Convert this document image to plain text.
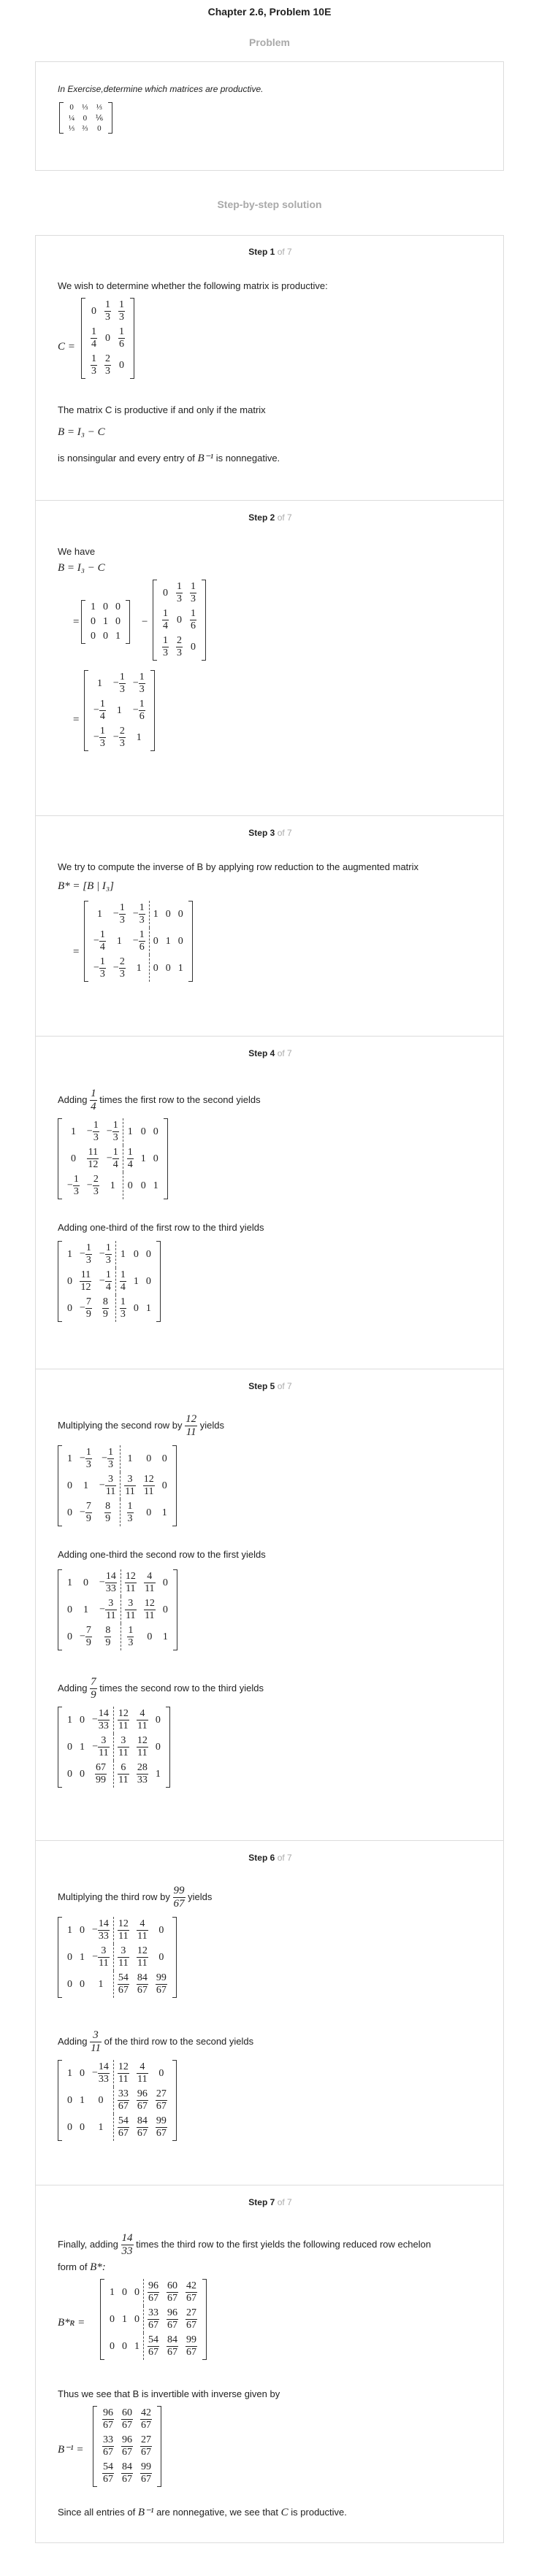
Chapter 2.6, Problem 10E
Problem
In Exercise,determine which matrices are productive.
0	⅓	⅓
¼	0	⅙
⅓	⅔	0
Step-by-step solution
Step 1 of 7
We wish to determine whether the following matrix is productive:
C =
0	$\frac{1}{3}$	$\frac{1}{3}$

$\frac{1}{4}$	0	$\frac{1}{6}$

$\frac{1}{3}$	$\frac{2}{3}$	0
The matrix C is productive if and only if the matrix
B = I₃ − C
is nonsingular and every entry of B⁻¹ is nonnegative.
Step 2 of 7
We have
B = I₃ − C
=
1	0	0
0	1	0
0	0	1
−
0	$\frac{1}{3}$	$\frac{1}{3}$

$\frac{1}{4}$	0	$\frac{1}{6}$

$\frac{1}{3}$	$\frac{2}{3}$	0
=
1	− $\frac{1}{3}$	− $\frac{1}{3}$

− $\frac{1}{4}$	1	− $\frac{1}{6}$

− $\frac{1}{3}$	− $\frac{2}{3}$	1
Step 3 of 7
We try to compute the inverse of B by applying row reduction to the augmented matrix
B* = [B | I₃]
=
1	− $\frac{1}{3}$	− $\frac{1}{3}$	1	0	0
− $\frac{1}{4}$	1	− $\frac{1}{6}$	0	1	0
− $\frac{1}{3}$	− $\frac{2}{3}$	1	0	0	1
Step 4 of 7
Adding $\frac{1}{4}$ times the first row to the second yields
1	− $\frac{1}{3}$	− $\frac{1}{3}$	1	0	0
0	$\frac{11}{12}$	− $\frac{1}{4}$	$\frac{1}{4}$	1	0
− $\frac{1}{3}$	− $\frac{2}{3}$	1	0	0	1
Adding one-third of the first row to the third yields
1	− $\frac{1}{3}$	− $\frac{1}{3}$	1	0	0
0	$\frac{11}{12}$	− $\frac{1}{4}$	$\frac{1}{4}$	1	0
0	− $\frac{7}{9}$	$\frac{8}{9}$	$\frac{1}{3}$	0	1
Step 5 of 7
Multiplying the second row by $\frac{12}{11}$ yields
1	− $\frac{1}{3}$	− $\frac{1}{3}$	1	0	0
0	1	− $\frac{3}{11}$	$\frac{3}{11}$	$\frac{12}{11}$	0
0	− $\frac{7}{9}$	$\frac{8}{9}$	$\frac{1}{3}$	0	1
Adding one-third the second row to the first yields
1	0	− $\frac{14}{33}$	$\frac{12}{11}$	$\frac{4}{11}$	0
0	1	− $\frac{3}{11}$	$\frac{3}{11}$	$\frac{12}{11}$	0
0	− $\frac{7}{9}$	$\frac{8}{9}$	$\frac{1}{3}$	0	1
Adding $\frac{7}{9}$ times the second row to the third yields
1	0	− $\frac{14}{33}$	$\frac{12}{11}$	$\frac{4}{11}$	0
0	1	− $\frac{3}{11}$	$\frac{3}{11}$	$\frac{12}{11}$	0
0	0	$\frac{67}{99}$	$\frac{6}{11}$	$\frac{28}{33}$	1
Step 6 of 7
Multiplying the third row by $\frac{99}{67}$ yields
1	0	− $\frac{14}{33}$	$\frac{12}{11}$	$\frac{4}{11}$	0
0	1	− $\frac{3}{11}$	$\frac{3}{11}$	$\frac{12}{11}$	0
0	0	1	$\frac{54}{67}$	$\frac{84}{67}$	$\frac{99}{67}$
Adding $\frac{3}{11}$ of the third row to the second yields
1	0	− $\frac{14}{33}$	$\frac{12}{11}$	$\frac{4}{11}$	0
0	1	0	$\frac{33}{67}$	$\frac{96}{67}$	$\frac{27}{67}$

0	0	1	$\frac{54}{67}$	$\frac{84}{67}$	$\frac{99}{67}$
Step 7 of 7
Finally, adding $\frac{14}{33}$ times the third row to the first yields the following reduced row echelon
form of B*:
B*ʀ =
1	0	0	$\frac{96}{67}$	$\frac{60}{67}$	$\frac{42}{67}$

0	1	0	$\frac{33}{67}$	$\frac{96}{67}$	$\frac{27}{67}$

0	0	1	$\frac{54}{67}$	$\frac{84}{67}$	$\frac{99}{67}$
Thus we see that B is invertible with inverse given by
B⁻¹ =
$\frac{96}{67}$	$\frac{60}{67}$	$\frac{42}{67}$

$\frac{33}{67}$	$\frac{96}{67}$	$\frac{27}{67}$

$\frac{54}{67}$	$\frac{84}{67}$	$\frac{99}{67}$
Since all entries of B⁻¹ are nonnegative, we see that C is productive.
